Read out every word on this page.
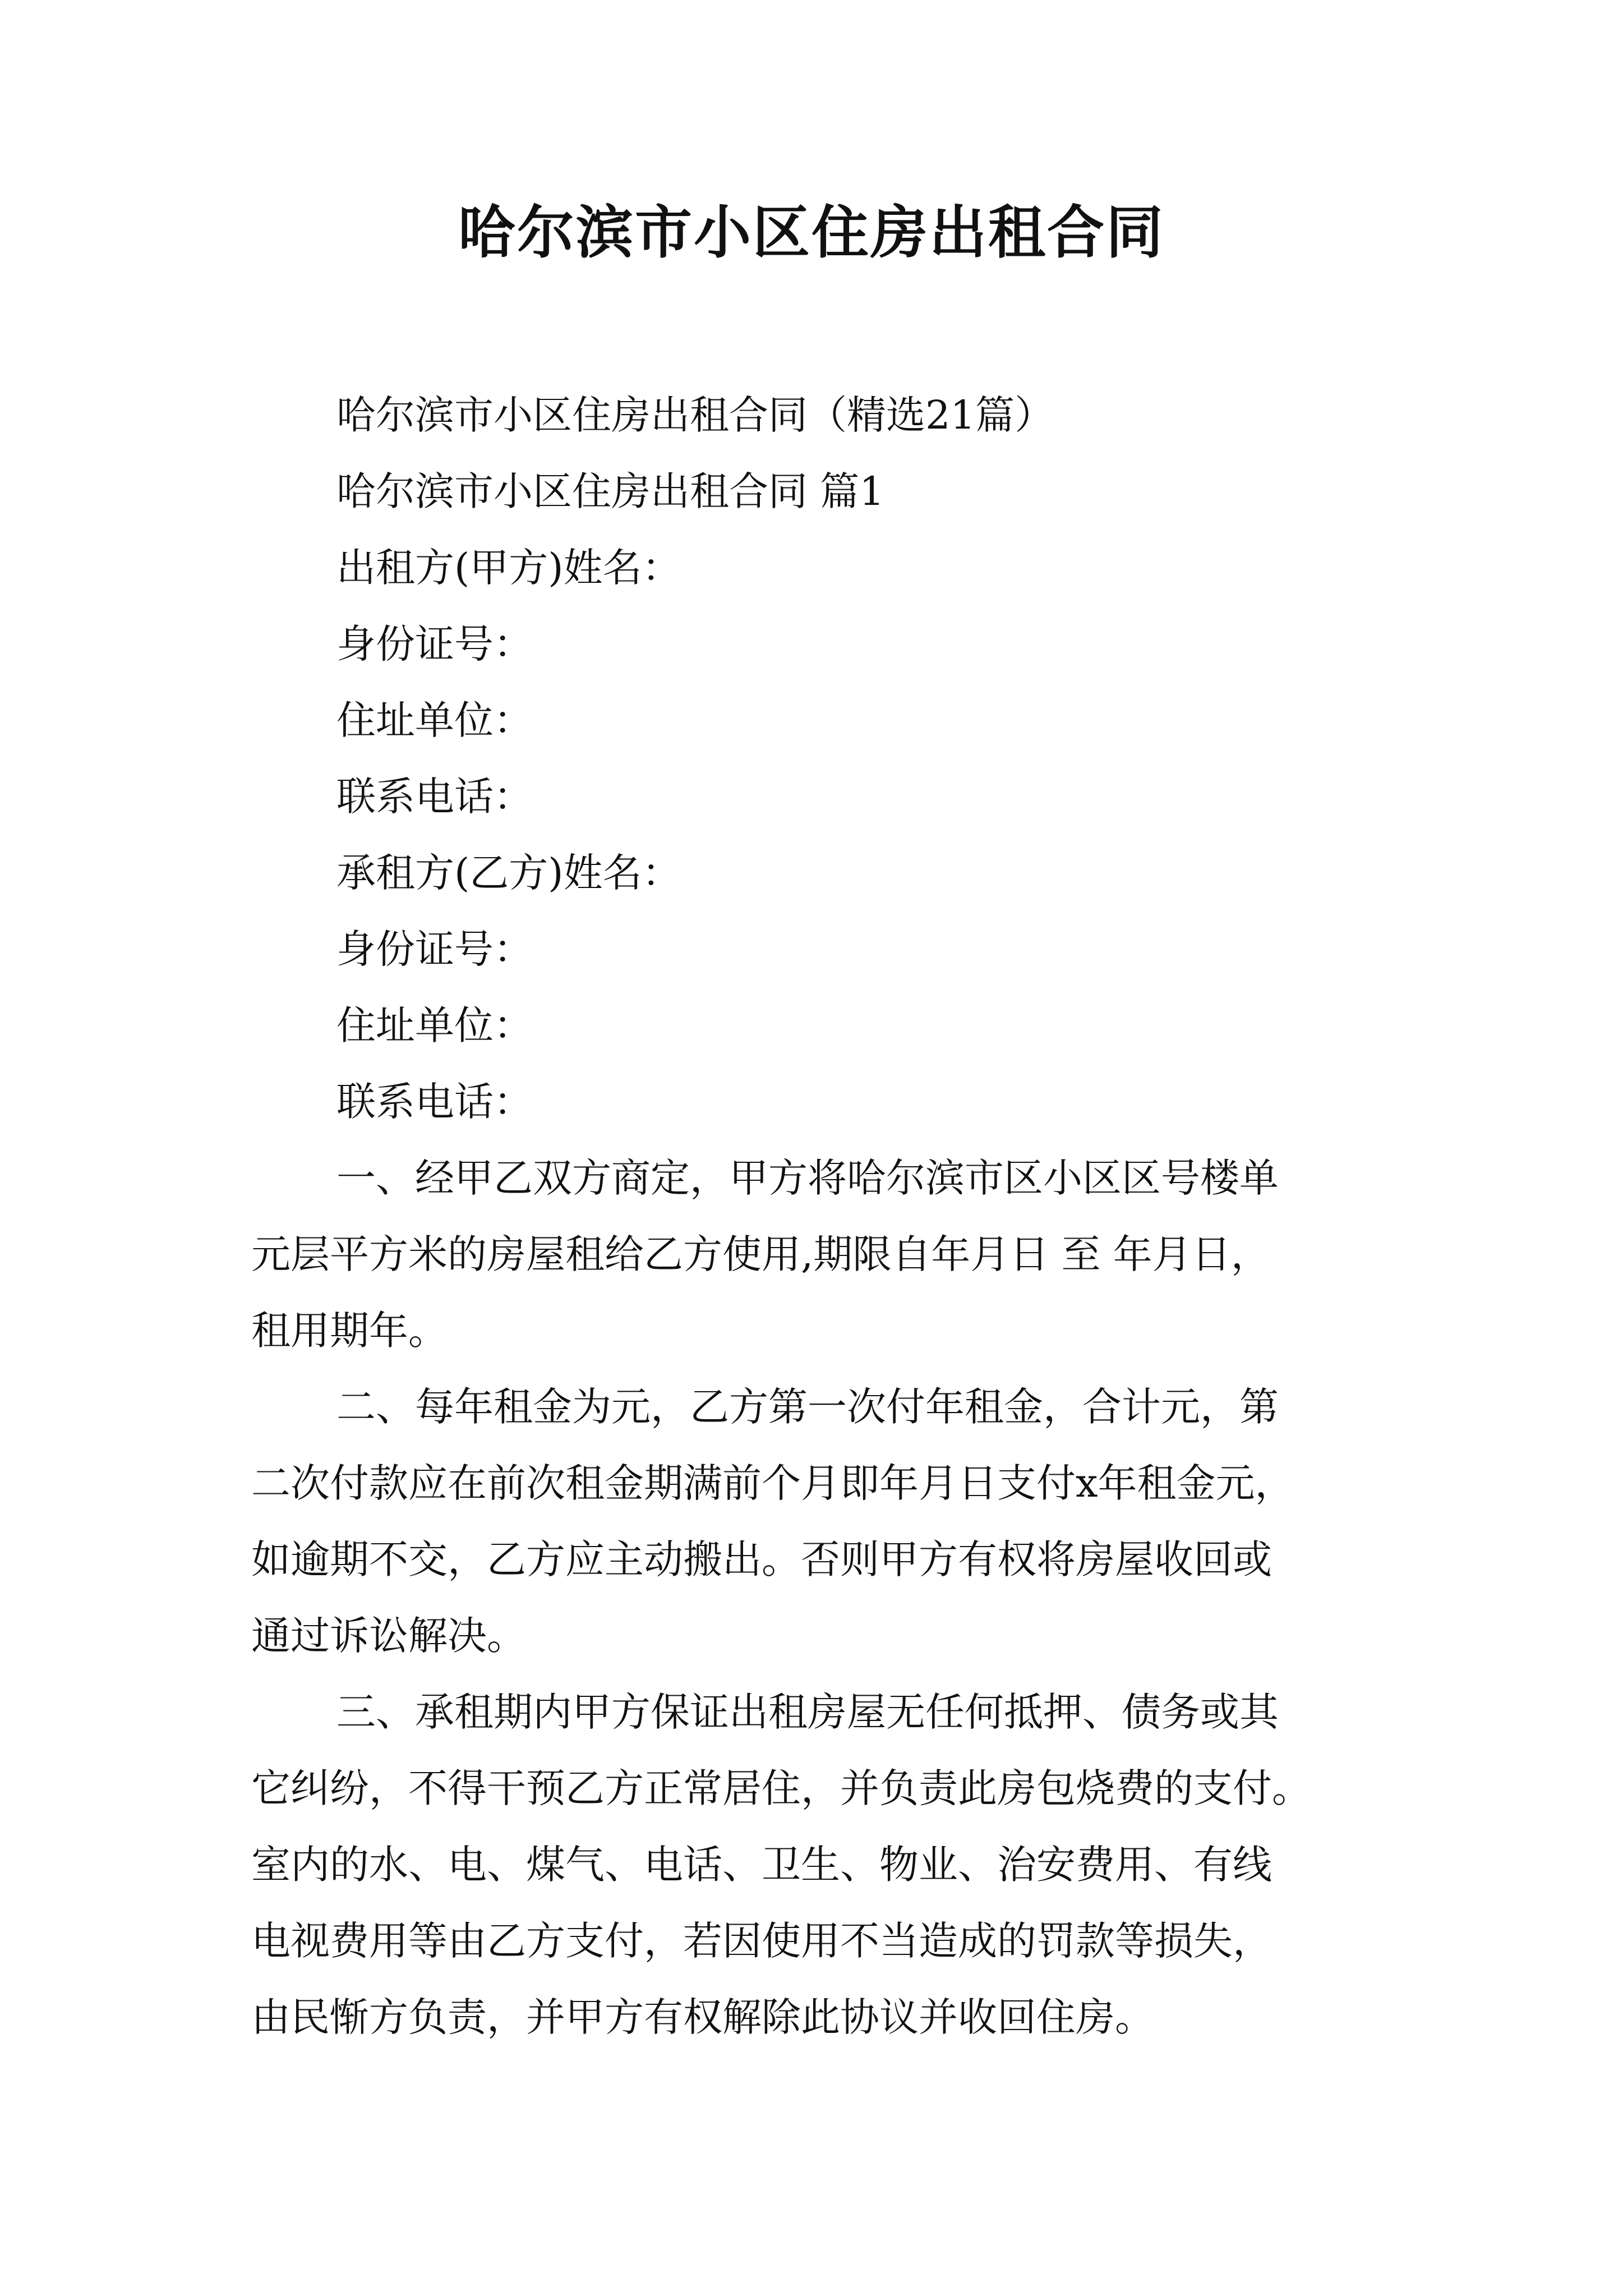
哈尔滨市小区住房出租合同

哈尔滨市小区住房出租合同（精选21篇）

哈尔滨市小区住房出租合同 篇1

出租方(甲方)姓名：

身份证号：

住址单位：

联系电话：

承租方(乙方)姓名：

身份证号：

住址单位：

联系电话：

一、经甲乙双方商定，甲方将哈尔滨市区小区区号楼单

元层平方米的房屋租给乙方使用,期限自年月日 至 年月日，

租用期年。

二、每年租金为元，乙方第一次付年租金，合计元，第

二次付款应在前次租金期满前个月即年月日支付x年租金元，

如逾期不交，乙方应主动搬出。否则甲方有权将房屋收回或

通过诉讼解决。

三、承租期内甲方保证出租房屋无任何抵押、债务或其

它纠纷，不得干预乙方正常居住，并负责此房包烧费的支付。

室内的水、电、煤气、电话、卫生、物业、治安费用、有线

电视费用等由乙方支付，若因使用不当造成的罚款等损失，

由民惭方负责，并甲方有权解除此协议并收回住房。
